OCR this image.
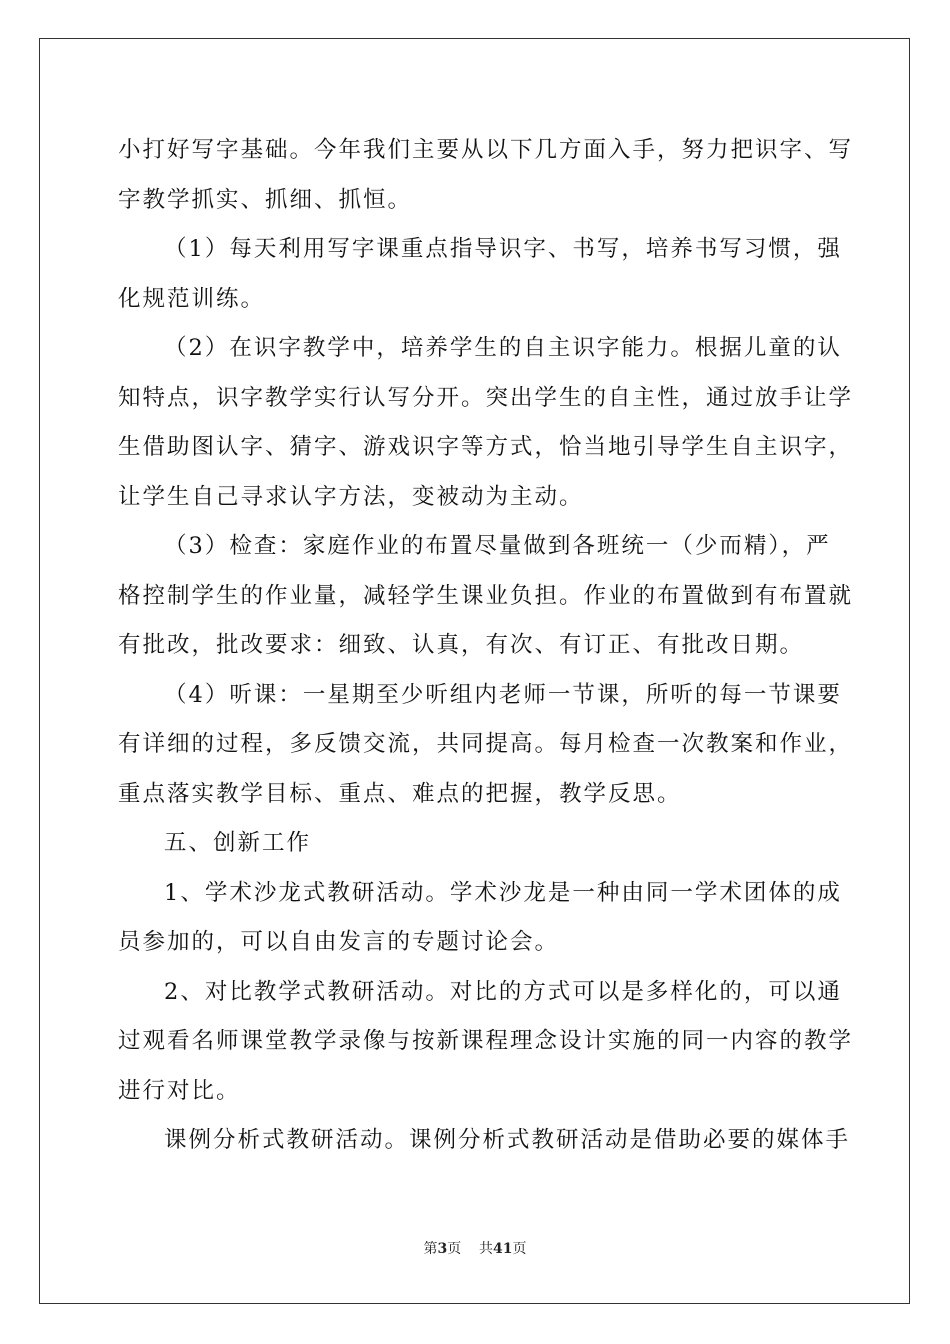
小打好写字基础。今年我们主要从以下几方面入手，努力把识字、写
字教学抓实、抓细、抓恒。
（1）每天利用写字课重点指导识字、书写，培养书写习惯，强
化规范训练。
（2）在识字教学中，培养学生的自主识字能力。根据儿童的认
知特点，识字教学实行认写分开。突出学生的自主性，通过放手让学
生借助图认字、猜字、游戏识字等方式，恰当地引导学生自主识字，
让学生自己寻求认字方法，变被动为主动。
（3）检查：家庭作业的布置尽量做到各班统一（少而精），严
格控制学生的作业量，减轻学生课业负担。作业的布置做到有布置就
有批改，批改要求：细致、认真，有次、有订正、有批改日期。
（4）听课：一星期至少听组内老师一节课，所听的每一节课要
有详细的过程，多反馈交流，共同提高。每月检查一次教案和作业，
重点落实教学目标、重点、难点的把握，教学反思。
五、创新工作
1、学术沙龙式教研活动。学术沙龙是一种由同一学术团体的成
员参加的，可以自由发言的专题讨论会。
2、对比教学式教研活动。对比的方式可以是多样化的，可以通
过观看名师课堂教学录像与按新课程理念设计实施的同一内容的教学
进行对比。
课例分析式教研活动。课例分析式教研活动是借助必要的媒体手
第3页 共41页
